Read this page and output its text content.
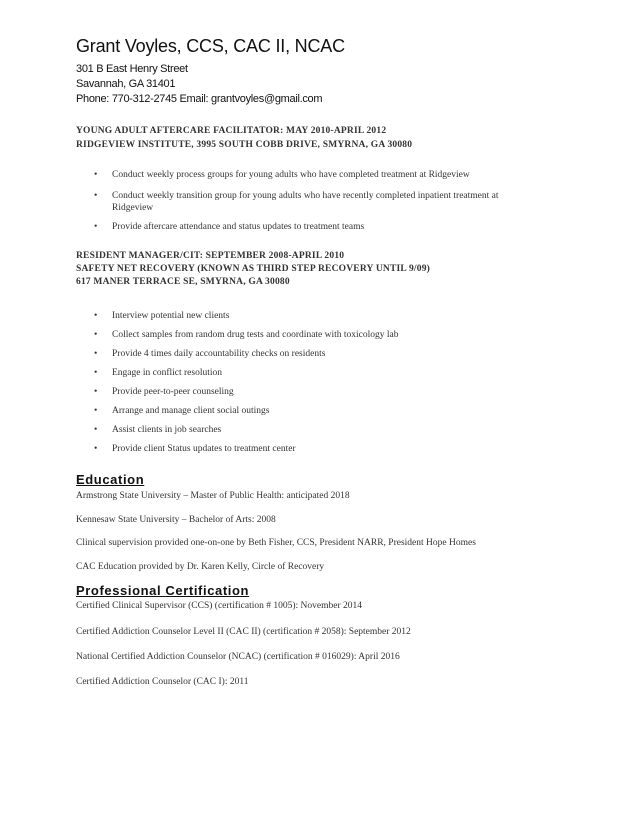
Grant Voyles, CCS, CAC II, NCAC
301 B East Henry Street
Savannah, GA 31401
Phone: 770-312-2745 Email: grantvoyles@gmail.com
YOUNG ADULT AFTERCARE FACILITATOR: MAY 2010-APRIL 2012
RIDGEVIEW INSTITUTE, 3995 SOUTH COBB DRIVE, SMYRNA, GA 30080
• Conduct weekly process groups for young adults who have completed treatment at Ridgeview
• Conduct weekly transition group for young adults who have recently completed inpatient treatment at
Ridgeview
• Provide aftercare attendance and status updates to treatment teams
RESIDENT MANAGER/CIT: SEPTEMBER 2008-APRIL 2010
SAFETY NET RECOVERY (KNOWN AS THIRD STEP RECOVERY UNTIL 9/09)
617 MANER TERRACE SE, SMYRNA, GA 30080
• Interview potential new clients
• Collect samples from random drug tests and coordinate with toxicology lab
• Provide 4 times daily accountability checks on residents
• Engage in conflict resolution
• Provide peer-to-peer counseling
• Arrange and manage client social outings
• Assist clients in job searches
• Provide client Status updates to treatment center
Education
Armstrong State University – Master of Public Health: anticipated 2018
Kennesaw State University – Bachelor of Arts: 2008
Clinical supervision provided one-on-one by Beth Fisher, CCS, President NARR, President Hope Homes
CAC Education provided by Dr. Karen Kelly, Circle of Recovery
Professional Certification
Certified Clinical Supervisor (CCS) (certification # 1005): November 2014
Certified Addiction Counselor Level II (CAC II) (certification # 2058): September 2012
National Certified Addiction Counselor (NCAC) (certification # 016029): April 2016
Certified Addiction Counselor (CAC I): 2011
